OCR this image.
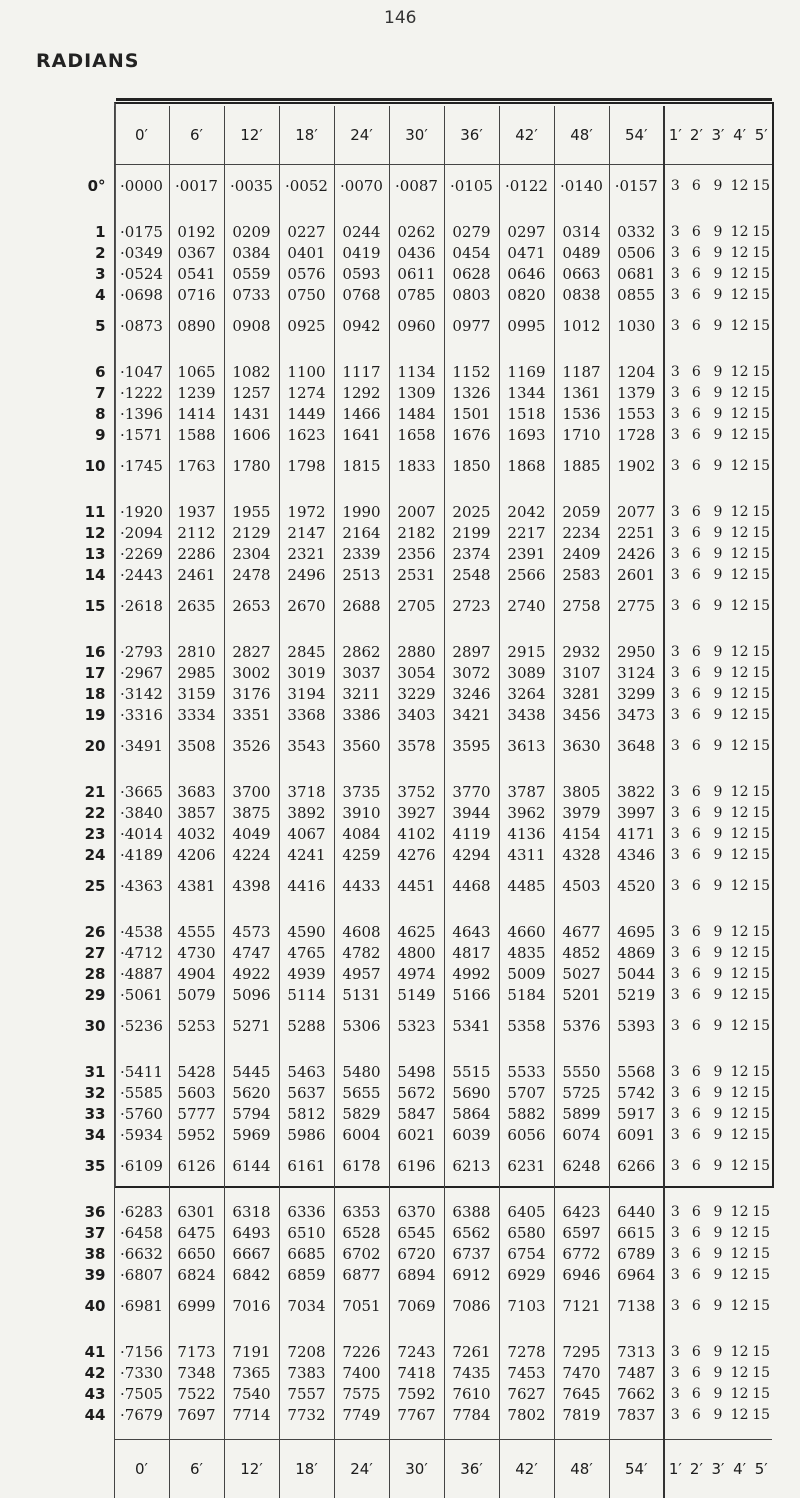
146
RADIANS
	0′	6′	12′	18′	24′	30′	36′	42′	48′	54′	1′	2′	3′	4′	5′
0°	·0000	·0017	·0035	·0052	·0070	·0087	·0105	·0122	·0140	·0157	3	6	9	12	15

1	·0175	0192	0209	0227	0244	0262	0279	0297	0314	0332	3	6	9	12	15
2	·0349	0367	0384	0401	0419	0436	0454	0471	0489	0506	3	6	9	12	15
3	·0524	0541	0559	0576	0593	0611	0628	0646	0663	0681	3	6	9	12	15
4	·0698	0716	0733	0750	0768	0785	0803	0820	0838	0855	3	6	9	12	15
5	·0873	0890	0908	0925	0942	0960	0977	0995	1012	1030	3	6	9	12	15

6	·1047	1065	1082	1100	1117	1134	1152	1169	1187	1204	3	6	9	12	15
7	·1222	1239	1257	1274	1292	1309	1326	1344	1361	1379	3	6	9	12	15
8	·1396	1414	1431	1449	1466	1484	1501	1518	1536	1553	3	6	9	12	15
9	·1571	1588	1606	1623	1641	1658	1676	1693	1710	1728	3	6	9	12	15
10	·1745	1763	1780	1798	1815	1833	1850	1868	1885	1902	3	6	9	12	15

11	·1920	1937	1955	1972	1990	2007	2025	2042	2059	2077	3	6	9	12	15
12	·2094	2112	2129	2147	2164	2182	2199	2217	2234	2251	3	6	9	12	15
13	·2269	2286	2304	2321	2339	2356	2374	2391	2409	2426	3	6	9	12	15
14	·2443	2461	2478	2496	2513	2531	2548	2566	2583	2601	3	6	9	12	15
15	·2618	2635	2653	2670	2688	2705	2723	2740	2758	2775	3	6	9	12	15

16	·2793	2810	2827	2845	2862	2880	2897	2915	2932	2950	3	6	9	12	15
17	·2967	2985	3002	3019	3037	3054	3072	3089	3107	3124	3	6	9	12	15
18	·3142	3159	3176	3194	3211	3229	3246	3264	3281	3299	3	6	9	12	15
19	·3316	3334	3351	3368	3386	3403	3421	3438	3456	3473	3	6	9	12	15
20	·3491	3508	3526	3543	3560	3578	3595	3613	3630	3648	3	6	9	12	15

21	·3665	3683	3700	3718	3735	3752	3770	3787	3805	3822	3	6	9	12	15
22	·3840	3857	3875	3892	3910	3927	3944	3962	3979	3997	3	6	9	12	15
23	·4014	4032	4049	4067	4084	4102	4119	4136	4154	4171	3	6	9	12	15
24	·4189	4206	4224	4241	4259	4276	4294	4311	4328	4346	3	6	9	12	15
25	·4363	4381	4398	4416	4433	4451	4468	4485	4503	4520	3	6	9	12	15

26	·4538	4555	4573	4590	4608	4625	4643	4660	4677	4695	3	6	9	12	15
27	·4712	4730	4747	4765	4782	4800	4817	4835	4852	4869	3	6	9	12	15
28	·4887	4904	4922	4939	4957	4974	4992	5009	5027	5044	3	6	9	12	15
29	·5061	5079	5096	5114	5131	5149	5166	5184	5201	5219	3	6	9	12	15
30	·5236	5253	5271	5288	5306	5323	5341	5358	5376	5393	3	6	9	12	15

31	·5411	5428	5445	5463	5480	5498	5515	5533	5550	5568	3	6	9	12	15
32	·5585	5603	5620	5637	5655	5672	5690	5707	5725	5742	3	6	9	12	15
33	·5760	5777	5794	5812	5829	5847	5864	5882	5899	5917	3	6	9	12	15
34	·5934	5952	5969	5986	6004	6021	6039	6056	6074	6091	3	6	9	12	15
35	·6109	6126	6144	6161	6178	6196	6213	6231	6248	6266	3	6	9	12	15

36	·6283	6301	6318	6336	6353	6370	6388	6405	6423	6440	3	6	9	12	15
37	·6458	6475	6493	6510	6528	6545	6562	6580	6597	6615	3	6	9	12	15
38	·6632	6650	6667	6685	6702	6720	6737	6754	6772	6789	3	6	9	12	15
39	·6807	6824	6842	6859	6877	6894	6912	6929	6946	6964	3	6	9	12	15
40	·6981	6999	7016	7034	7051	7069	7086	7103	7121	7138	3	6	9	12	15

41	·7156	7173	7191	7208	7226	7243	7261	7278	7295	7313	3	6	9	12	15
42	·7330	7348	7365	7383	7400	7418	7435	7453	7470	7487	3	6	9	12	15
43	·7505	7522	7540	7557	7575	7592	7610	7627	7645	7662	3	6	9	12	15
44	·7679	7697	7714	7732	7749	7767	7784	7802	7819	7837	3	6	9	12	15

	0′	6′	12′	18′	24′	30′	36′	42′	48′	54′	1′	2′	3′	4′	5′
